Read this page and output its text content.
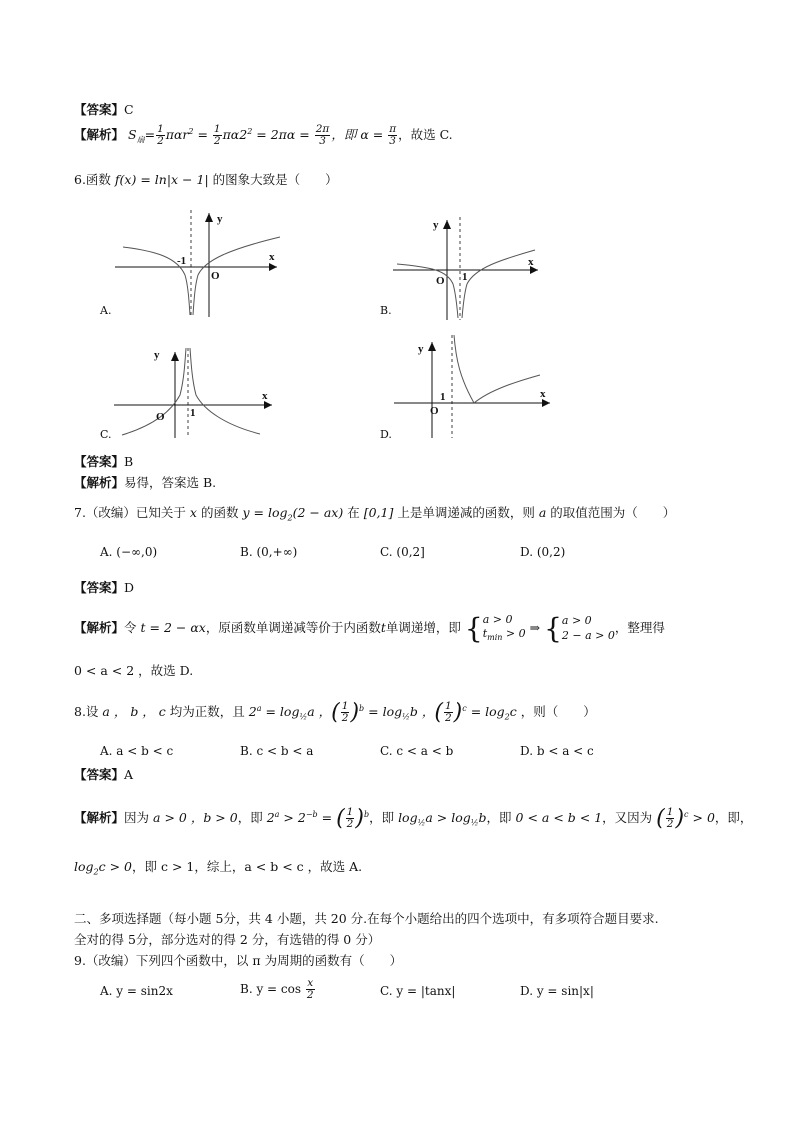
【答案】C
【解析】 $S_扇= \frac{1}{2} \pi\alpha r^2 = \frac{1}{2} \pi\alpha 2^2 = 2\pi\alpha = \frac{2\pi}{3}$ ，即 $\alpha = \frac{\pi}{3}$ ，故选 C.
6.函数 f(x) = ln|x − 1| 的图象大致是（　　）
y
x
-1
O
A.
y
x
O 1
B.
y
x
O 1
C.
y
x
O
1
D.
【答案】B
【解析】易得，答案选 B.
7.（改编）已知关于 x 的函数 $y = \log_2(2 - ax)$ 在 [0,1] 上是单调递减的函数，则 a 的取值范围为（　　）
A. (−∞,0)	B. (0,+∞)	C. (0,2]	D. (0,2)
【答案】D
【解析】令 t = 2 − αx，原函数单调递减等价于内函数t单调递增，即 {a > 0
$t_{min} > 0$ ⇒ {a > 0
2 − a > 0，整理得
0 < a < 2 ，故选 D.
8.设 a ， b ， c 均为正数，且 $2^a = \log_{\frac{1}{2}}a$ ，( $\frac{1}{2} )^b = \log_{\frac{1}{2}}b$ ，( $\frac{1}{2} )^c = \log_2c$ ，则（　　）
A. a < b < c	B. c < b < a	C. c < a < b	D. b < a < c
【答案】A
【解析】因为 a > 0 ，b > 0，即 $2^a > 2^{-b}$ = ( $\frac{1}{2} )^b$，即 $\log_{\frac{1}{2}}a > \log_{\frac{1}{2}}b$，即 0 < a < b < 1，又因为 ( $\frac{1}{2} )^c > 0$，即，
$\log_2c > 0$，即 c > 1，综上，a < b < c ，故选 A.
二、多项选择题（每小题 5分，共 4 小题，共 20 分.在每个小题给出的四个选项中，有多项符合题目要求.
全对的得 5分，部分选对的得 2 分，有选错的得 0 分）
9.（改编）下列四个函数中，以 π 为周期的函数有（　　）
A. y = sin2x	B. $y = \cos \frac{x}{2}$	C. y = |tanx|	D. y = sin|x|
